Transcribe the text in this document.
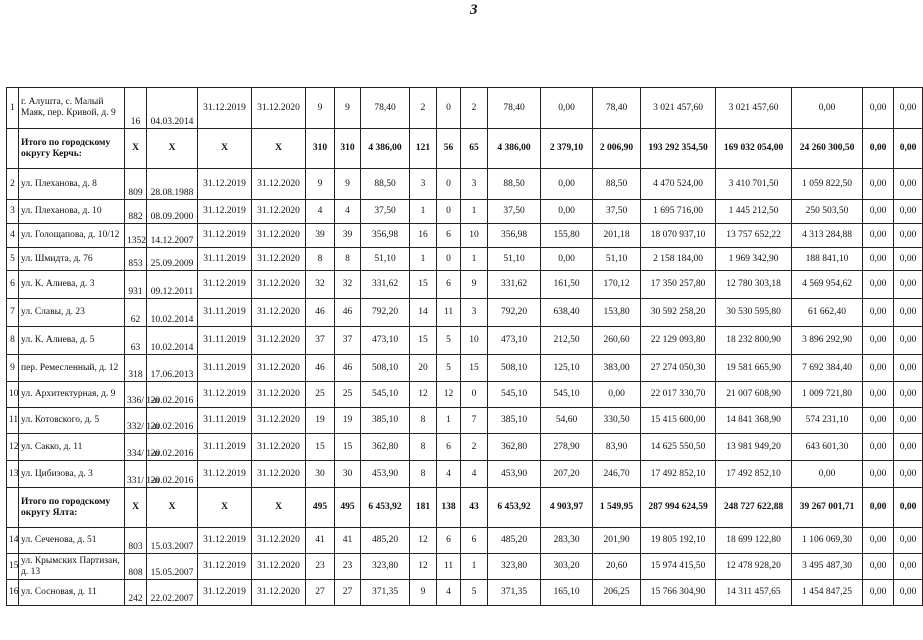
3
1	г. Алушта, с. Малый Маяк, пер. Кривой, д. 9	16	04.03.2014	31.12.2019	31.12.2020	9	9	78,40	2	0	2	78,40	0,00	78,40	3 021 457,60	3 021 457,60	0,00	0,00	0,00
	Итого по городскому округу Керчь:	X	X	X	X	310	310	4 386,00	121	56	65	4 386,00	2 379,10	2 006,90	193 292 354,50	169 032 054,00	24 260 300,50	0,00	0,00
2	ул. Плеханова, д. 8	809	28.08.1988	31.12.2019	31.12.2020	9	9	88,50	3	0	3	88,50	0,00	88,50	4 470 524,00	3 410 701,50	1 059 822,50	0,00	0,00
3	ул. Плеханова, д. 10	882	08.09.2000	31.12.2019	31.12.2020	4	4	37,50	1	0	1	37,50	0,00	37,50	1 695 716,00	1 445 212,50	250 503,50	0,00	0,00
4	ул. Голощапова, д. 10/12	1352	14.12.2007	31.12.2019	31.12.2020	39	39	356,98	16	6	10	356,98	155,80	201,18	18 070 937,10	13 757 652,22	4 313 284,88	0,00	0,00
5	ул. Шмидта, д. 76	853	25.09.2009	31.11.2019	31.12.2020	8	8	51,10	1	0	1	51,10	0,00	51,10	2 158 184,00	1 969 342,90	188 841,10	0,00	0,00
6	ул. К. Алиева, д. 3	931	09.12.2011	31.12.2019	31.12.2020	32	32	331,62	15	6	9	331,62	161,50	170,12	17 350 257,80	12 780 303,18	4 569 954,62	0,00	0,00
7	ул. Славы, д. 23	62	10.02.2014	31.11.2019	31.12.2020	46	46	792,20	14	11	3	792,20	638,40	153,80	30 592 258,20	30 530 595,80	61 662,40	0,00	0,00
8	ул. К. Алиева, д. 5	63	10.02.2014	31.11.2019	31.12.2020	37	37	473,10	15	5	10	473,10	212,50	260,60	22 129 093,80	18 232 800,90	3 896 292,90	0,00	0,00
9	пер. Ремесленный, д. 12	318	17.06.2013	31.11.2019	31.12.2020	46	46	508,10	20	5	15	508,10	125,10	383,00	27 274 050,30	19 581 665,90	7 692 384,40	0,00	0,00
10	ул. Архитектурная, д. 9	336/ 1-п	20.02.2016	31.12.2019	31.12.2020	25	25	545,10	12	12	0	545,10	545,10	0,00	22 017 330,70	21 007 608,90	1 009 721,80	0,00	0,00
11	ул. Котовского, д. 5	332/ 1-п	20.02.2016	31.11.2019	31.12.2020	19	19	385,10	8	1	7	385,10	54,60	330,50	15 415 600,00	14 841 368,90	574 231,10	0,00	0,00
12	ул. Сакко, д. 11	334/ 1-п	20.02.2016	31.11.2019	31.12.2020	15	15	362,80	8	6	2	362,80	278,90	83,90	14 625 550,50	13 981 949,20	643 601,30	0,00	0,00
13	ул. Цибизова, д. 3	331/ 1-п	20.02.2016	31.12.2019	31.12.2020	30	30	453,90	8	4	4	453,90	207,20	246,70	17 492 852,10	17 492 852,10	0,00	0,00	0,00
	Итого по городскому округу Ялта:	X	X	X	X	495	495	6 453,92	181	138	43	6 453,92	4 903,97	1 549,95	287 994 624,59	248 727 622,88	39 267 001,71	0,00	0,00
14	ул. Сеченова, д. 51	803	15.03.2007	31.12.2019	31.12.2020	41	41	485,20	12	6	6	485,20	283,30	201,90	19 805 192,10	18 699 122,80	1 106 069,30	0,00	0,00
15	ул. Крымских Партизан, д. 13	808	15.05.2007	31.12.2019	31.12.2020	23	23	323,80	12	11	1	323,80	303,20	20,60	15 974 415,50	12 478 928,20	3 495 487,30	0,00	0,00
16	ул. Сосновая, д. 11	242	22.02.2007	31.12.2019	31.12.2020	27	27	371,35	9	4	5	371,35	165,10	206,25	15 766 304,90	14 311 457,65	1 454 847,25	0,00	0,00
